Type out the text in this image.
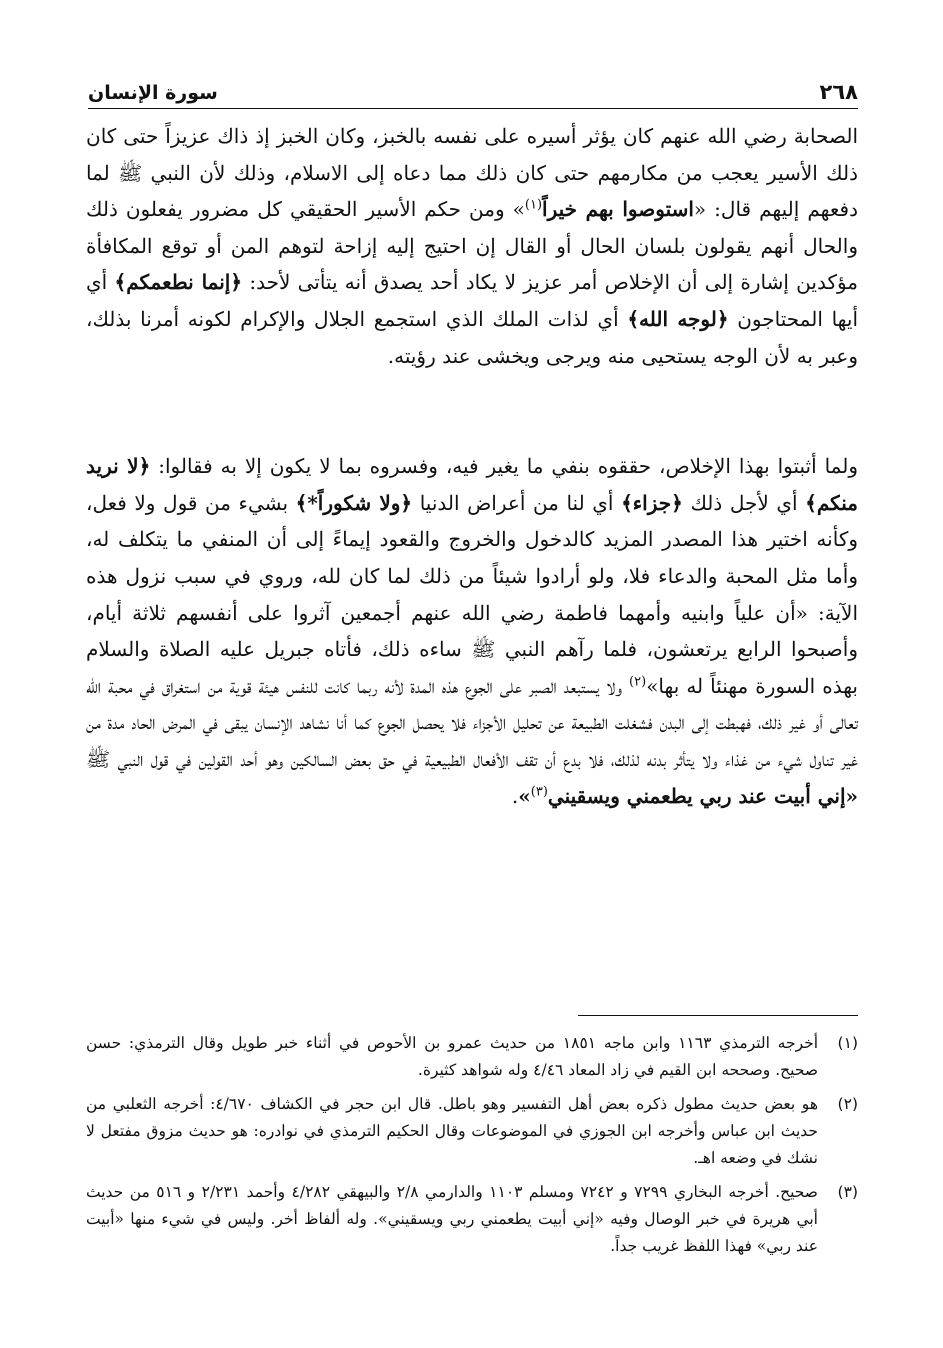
٢٦٨
سورة الإنسان

الصحابة رضي الله عنهم كان يؤثر أسيره على نفسه بالخبز، وكان الخبز إذ ذاك عزيزاً حتى كان ذلك الأسير يعجب من مكارمهم حتى كان ذلك مما دعاه إلى الاسلام، وذلك لأن النبي ﷺ لما دفعهم إليهم قال: «استوصوا بهم خيراً$^{(١)}$» ومن حكم الأسير الحقيقي كل مضرور يفعلون ذلك والحال أنهم يقولون بلسان الحال أو القال إن احتيج إليه إزاحة لتوهم المن أو توقع المكافأة مؤكدين إشارة إلى أن الإخلاص أمر عزيز لا يكاد أحد يصدق أنه يتأتى لأحد: ﴿إنما نطعمكم﴾ أي أيها المحتاجون ﴿لوجه الله﴾ أي لذات الملك الذي استجمع الجلال والإكرام لكونه أمرنا بذلك، وعبر به لأن الوجه يستحيى منه ويرجى ويخشى عند رؤيته.

ولما أثبتوا بهذا الإخلاص، حققوه بنفي ما يغير فيه، وفسروه بما لا يكون إلا به فقالوا: ﴿لا نريد منكم﴾ أي لأجل ذلك ﴿جزاء﴾ أي لنا من أعراض الدنيا ﴿ولا شكوراً*﴾ بشيء من قول ولا فعل، وكأنه اختير هذا المصدر المزيد كالدخول والخروج والقعود إيماءً إلى أن المنفي ما يتكلف له، وأما مثل المحبة والدعاء فلا، ولو أرادوا شيئاً من ذلك لما كان لله، وروي في سبب نزول هذه الآية: «أن علياً وابنيه وأمهما فاطمة رضي الله عنهم أجمعين آثروا على أنفسهم ثلاثة أيام، وأصبحوا الرابع يرتعشون، فلما رآهم النبي ﷺ ساءه ذلك، فأتاه جبريل عليه الصلاة والسلام بهذه السورة مهنئاً له بها»$^{(٢)}$ ولا يستبعد الصبر على الجوع هذه المدة لأنه ربما كانت للنفس هيئة قوية من استغراق في محبة الله تعالى أو غير ذلك، فهبطت إلى البدن فشغلت الطبيعة عن تحليل الأجزاء فلا يحصل الجوع كما أنا نشاهد الإنسان يبقى في المرض الحاد مدة من غير تناول شيء من غذاء ولا يتأثر بدنه لذلك، فلا بدع أن تقف الأفعال الطبيعية في حق بعض السالكين وهو أحد القولين في قول النبي ﷺ «إني أبيت عند ربي يطعمني ويسقيني$^{(٣)}$».

(١)
أخرجه الترمذي ١١٦٣ وابن ماجه ١٨٥١ من حديث عمرو بن الأحوص في أثناء خبر طويل وقال الترمذي: حسن صحيح. وصححه ابن القيم في زاد المعاد ٤/٤٦ وله شواهد كثيرة.
(٢)
هو بعض حديث مطول ذكره بعض أهل التفسير وهو باطل. قال ابن حجر في الكشاف ٤/٦٧٠: أخرجه الثعلبي من حديث ابن عباس وأخرجه ابن الجوزي في الموضوعات وقال الحكيم الترمذي في نوادره: هو حديث مزوق مفتعل لا نشك في وضعه اهـ.
(٣)
صحيح. أخرجه البخاري ٧٢٩٩ و ٧٢٤٢ ومسلم ١١٠٣ والدارمي ٢/٨ والبيهقي ٤/٢٨٢ وأحمد ٢/٢٣١ و ٥١٦ من حديث أبي هريرة في خبر الوصال وفيه «إني أبيت يطعمني ربي ويسقيني». وله ألفاظ أخر. وليس في شيء منها «أبيت عند ربي» فهذا اللفظ غريب جداً.
